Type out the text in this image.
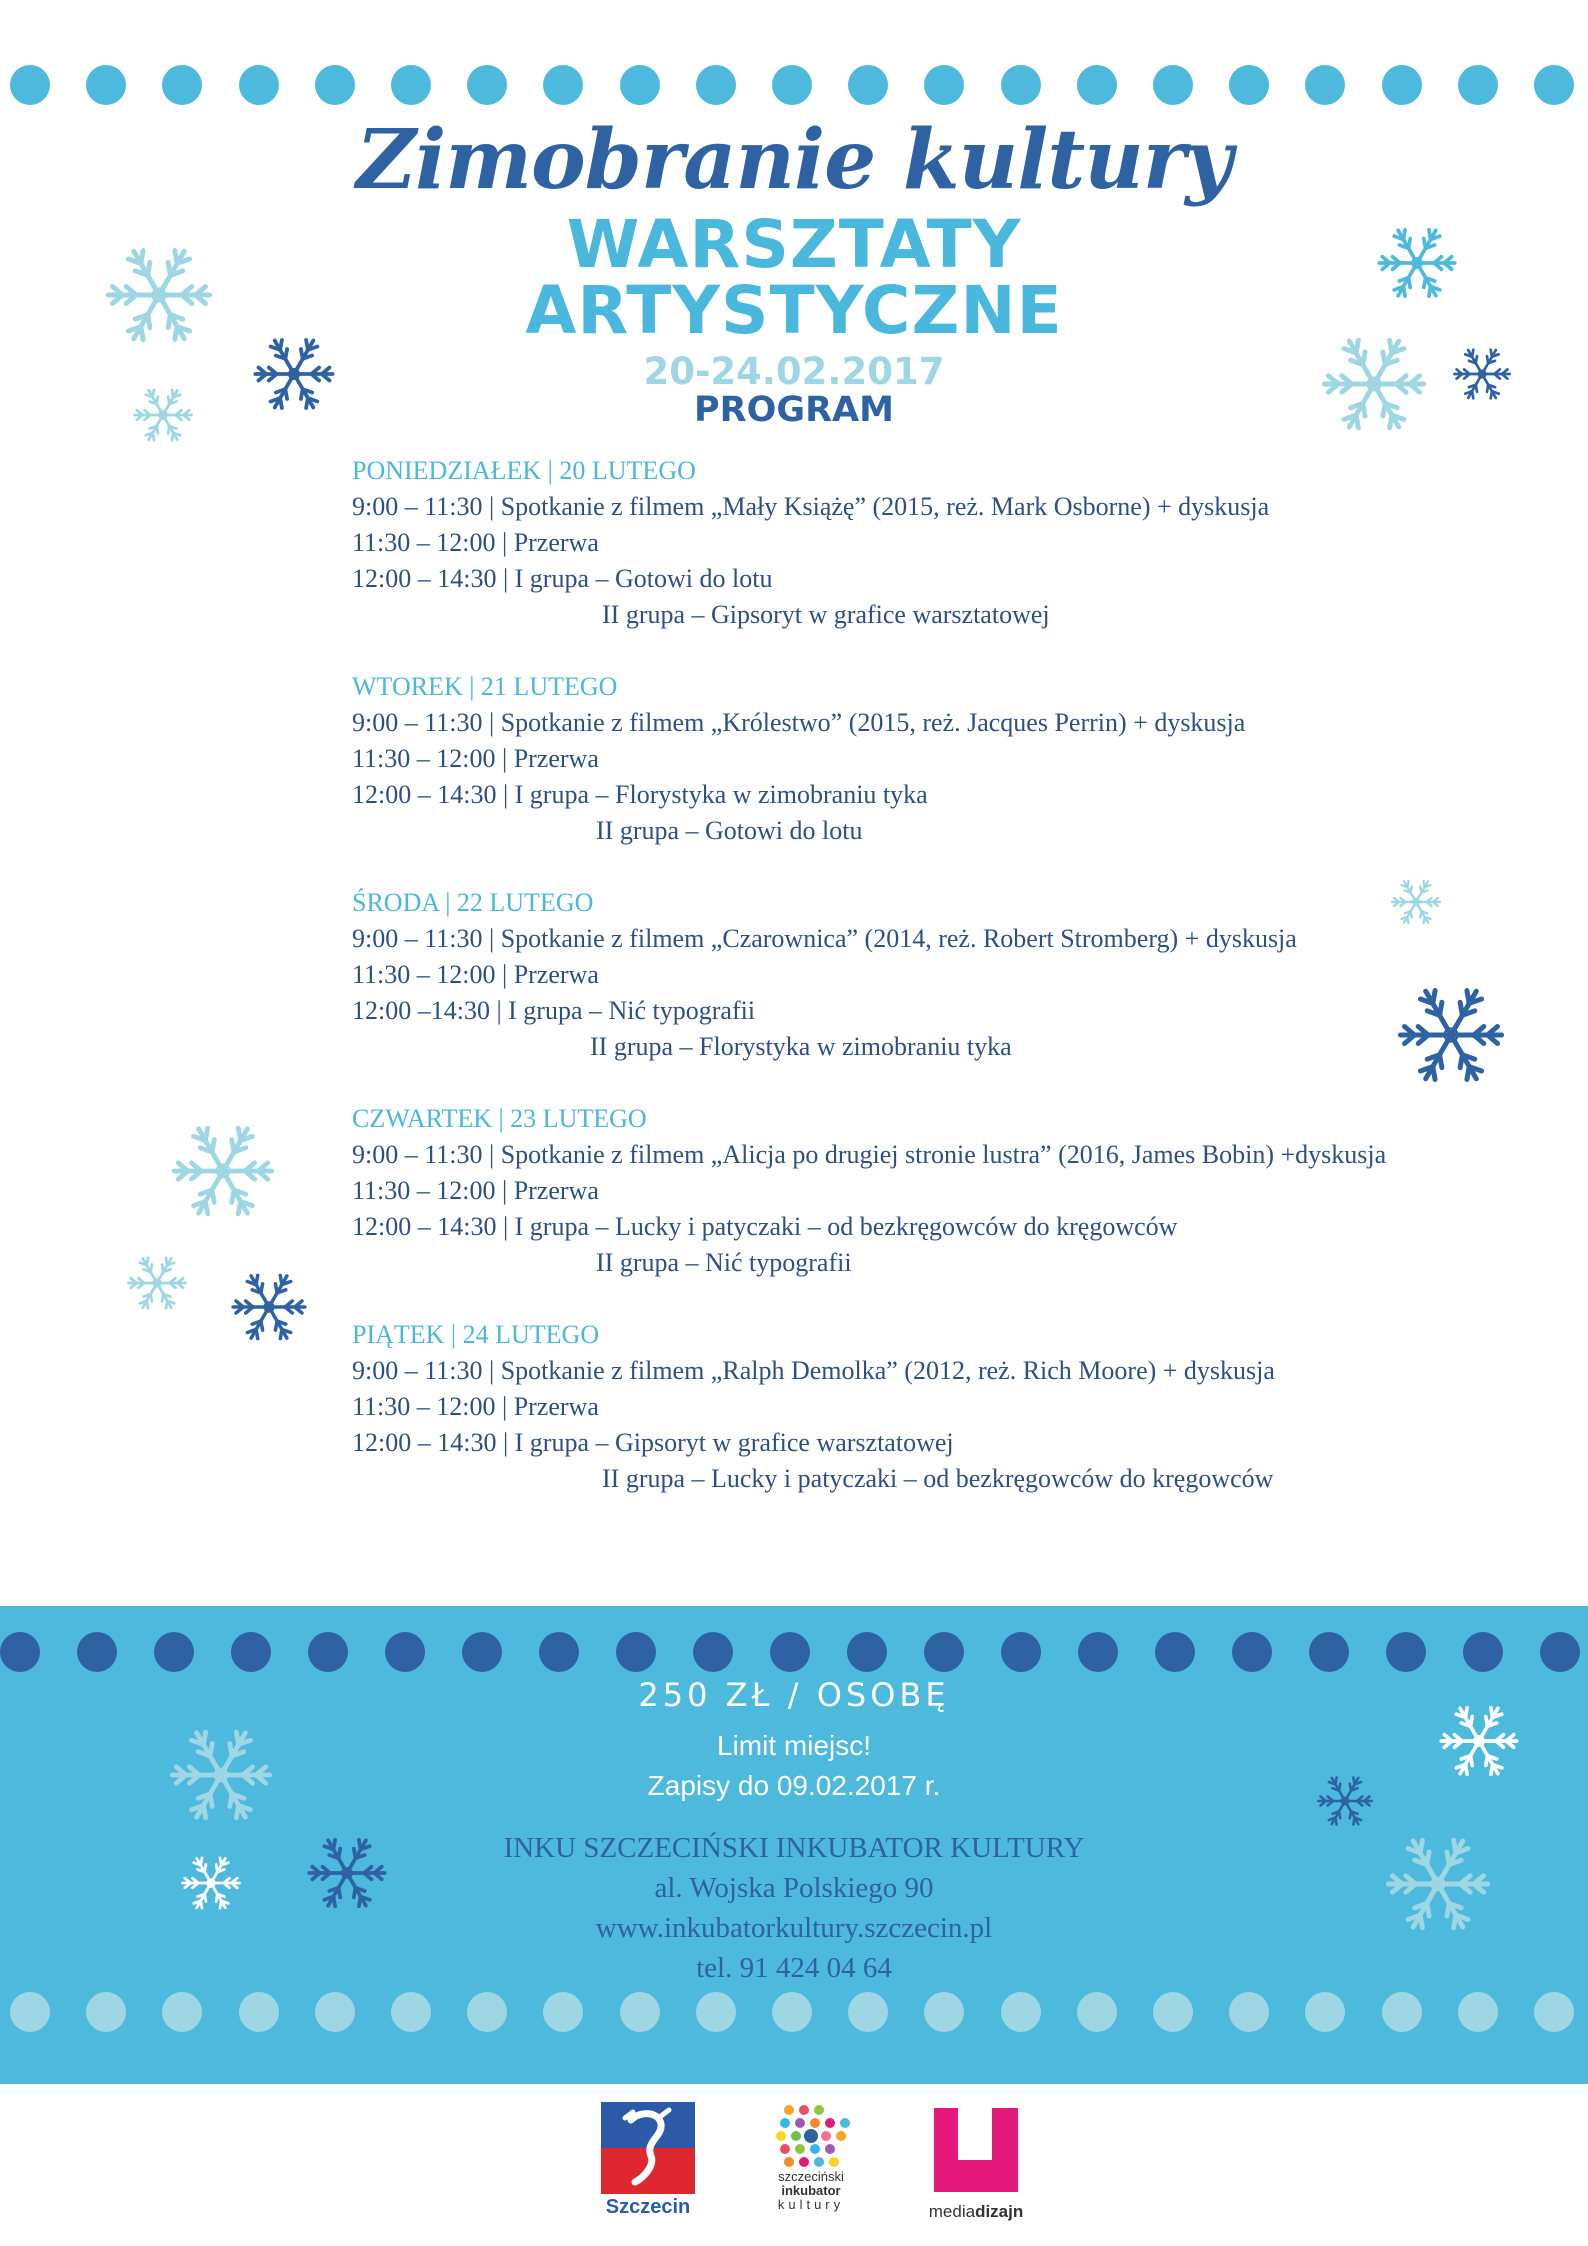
Zimobranie kultury
WARSZTATY
ARTYSTYCZNE
20-24.02.2017
PROGRAM
PONIEDZIAŁEK | 20 LUTEGO
9:00 – 11:30 | Spotkanie z filmem „Mały Książę” (2015, reż. Mark Osborne) + dyskusja
11:30 – 12:00 | Przerwa
12:00 – 14:30 | I grupa – Gotowi do lotu
II grupa – Gipsoryt w grafice warsztatowej
WTOREK | 21 LUTEGO
9:00 – 11:30 | Spotkanie z filmem „Królestwo” (2015, reż. Jacques Perrin) + dyskusja
11:30 – 12:00 | Przerwa
12:00 – 14:30 | I grupa – Florystyka w zimobraniu tyka
II grupa – Gotowi do lotu
ŚRODA | 22 LUTEGO
9:00 – 11:30 | Spotkanie z filmem „Czarownica” (2014, reż. Robert Stromberg) + dyskusja
11:30 – 12:00 | Przerwa
12:00 –14:30 | I grupa – Nić typografii
II grupa – Florystyka w zimobraniu tyka
CZWARTEK | 23 LUTEGO
9:00 – 11:30 | Spotkanie z filmem „Alicja po drugiej stronie lustra” (2016, James Bobin) +dyskusja
11:30 – 12:00 | Przerwa
12:00 – 14:30 | I grupa – Lucky i patyczaki – od bezkręgowców do kręgowców
II grupa – Nić typografii
PIĄTEK | 24 LUTEGO
9:00 – 11:30 | Spotkanie z filmem „Ralph Demolka” (2012, reż. Rich Moore) + dyskusja
11:30 – 12:00 | Przerwa
12:00 – 14:30 | I grupa – Gipsoryt w grafice warsztatowej
II grupa – Lucky i patyczaki – od bezkręgowców do kręgowców
250 ZŁ / OSOBĘ
Limit miejsc!
Zapisy do 09.02.2017 r.
INKU SZCZECIŃSKI INKUBATOR KULTURY
al. Wojska Polskiego 90
www.inkubatorkultury.szczecin.pl
tel. 91 424 04 64
Szczecin
szczeciński
inkubator
kultury	mediadizajn
